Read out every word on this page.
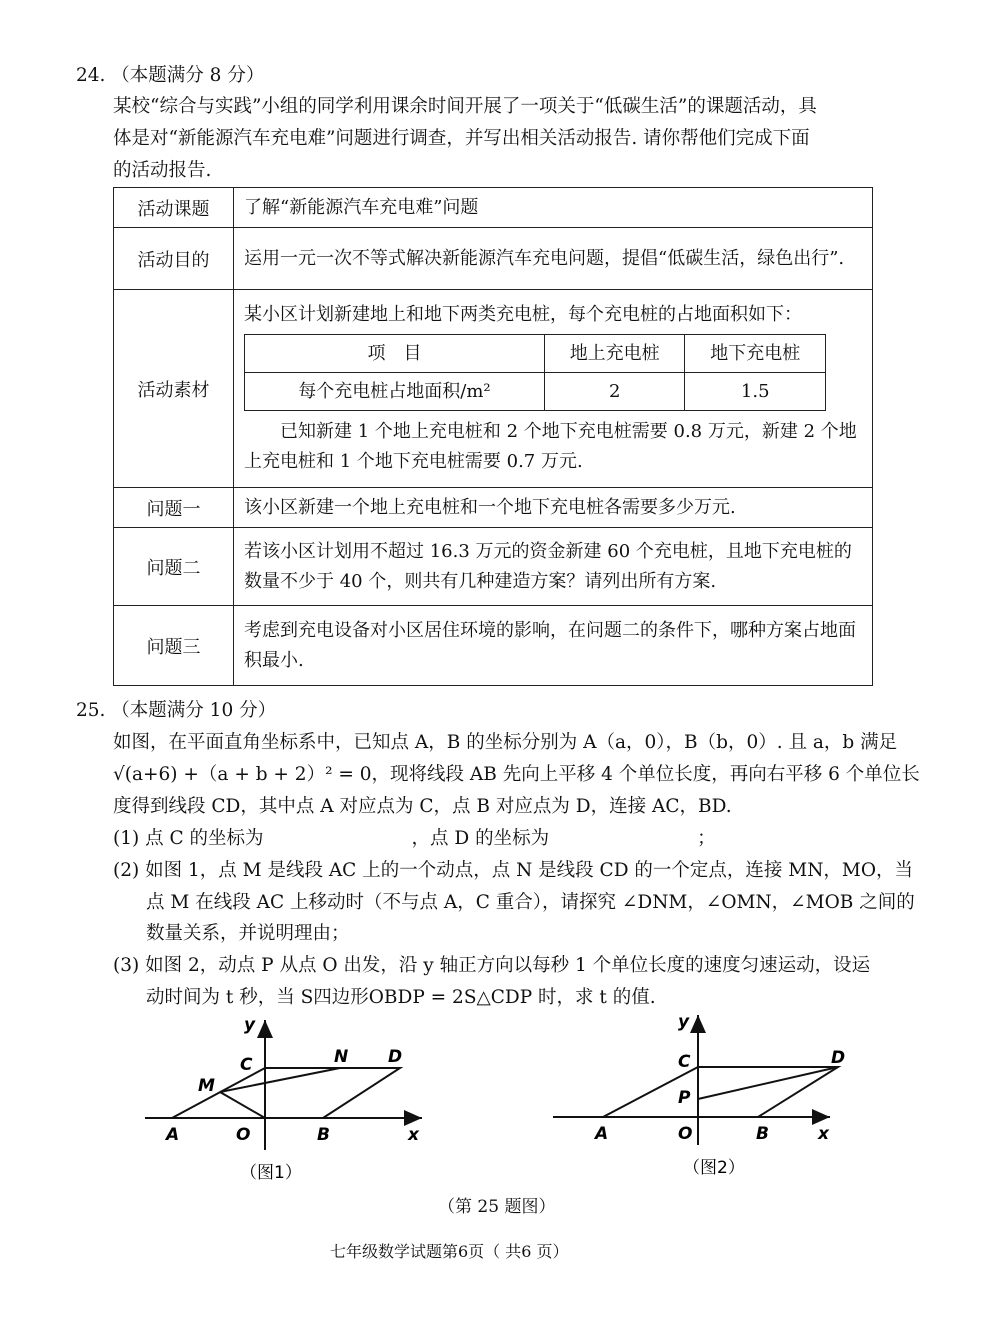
24. （本题满分 8 分）
某校“综合与实践”小组的同学利用课余时间开展了一项关于“低碳生活”的课题活动，具
体是对“新能源汽车充电难”问题进行调查，并写出相关活动报告. 请你帮他们完成下面
的活动报告.
活动课题	了解“新能源汽车充电难”问题
活动目的	运用一元一次不等式解决新能源汽车充电问题，提倡“低碳生活，绿色出行”.
活动素材	
某小区计划新建地上和地下两类充电桩，每个充电桩的占地面积如下：
项　目	地上充电桩	地下充电桩
每个充电桩占地面积/m²	2	1.5
已知新建 1 个地上充电桩和 2 个地下充电桩需要 0.8 万元，新建 2 个地上充电桩和 1 个地下充电桩需要 0.7 万元.

问题一	该小区新建一个地上充电桩和一个地下充电桩各需要多少万元.
问题二	若该小区计划用不超过 16.3 万元的资金新建 60 个充电桩，且地下充电桩的数量不少于 40 个，则共有几种建造方案？请列出所有方案.
问题三	考虑到充电设备对小区居住环境的影响，在问题二的条件下，哪种方案占地面积最小.
25. （本题满分 10 分）
如图，在平面直角坐标系中，已知点 A，B 的坐标分别为 A（a，0），B（b，0）. 且 a，b 满足
√(a+6) +（a + b + 2）² = 0，现将线段 AB 先向上平移 4 个单位长度，再向右平移 6 个单位长
度得到线段 CD，其中点 A 对应点为 C，点 B 对应点为 D，连接 AC，BD.
(1) 点 C 的坐标为　　　　　　　　，点 D 的坐标为　　　　　　　　；
(2) 如图 1，点 M 是线段 AC 上的一个动点，点 N 是线段 CD 的一个定点，连接 MN，MO，当
点 M 在线段 AC 上移动时（不与点 A，C 重合），请探究 ∠DNM，∠OMN，∠MOB 之间的
数量关系，并说明理由；
(3) 如图 2，动点 P 从点 O 出发，沿 y 轴正方向以每秒 1 个单位长度的速度匀速运动，设运
动时间为 t 秒，当 S四边形OBDP = 2S△CDP 时，求 t 的值.
y
x
A	O	B
C	N D
M
（图1）
y
x
A	O	B
C
P
D
（图2）
（第 25 题图）
七年级数学试题第6页（ 共6 页）
